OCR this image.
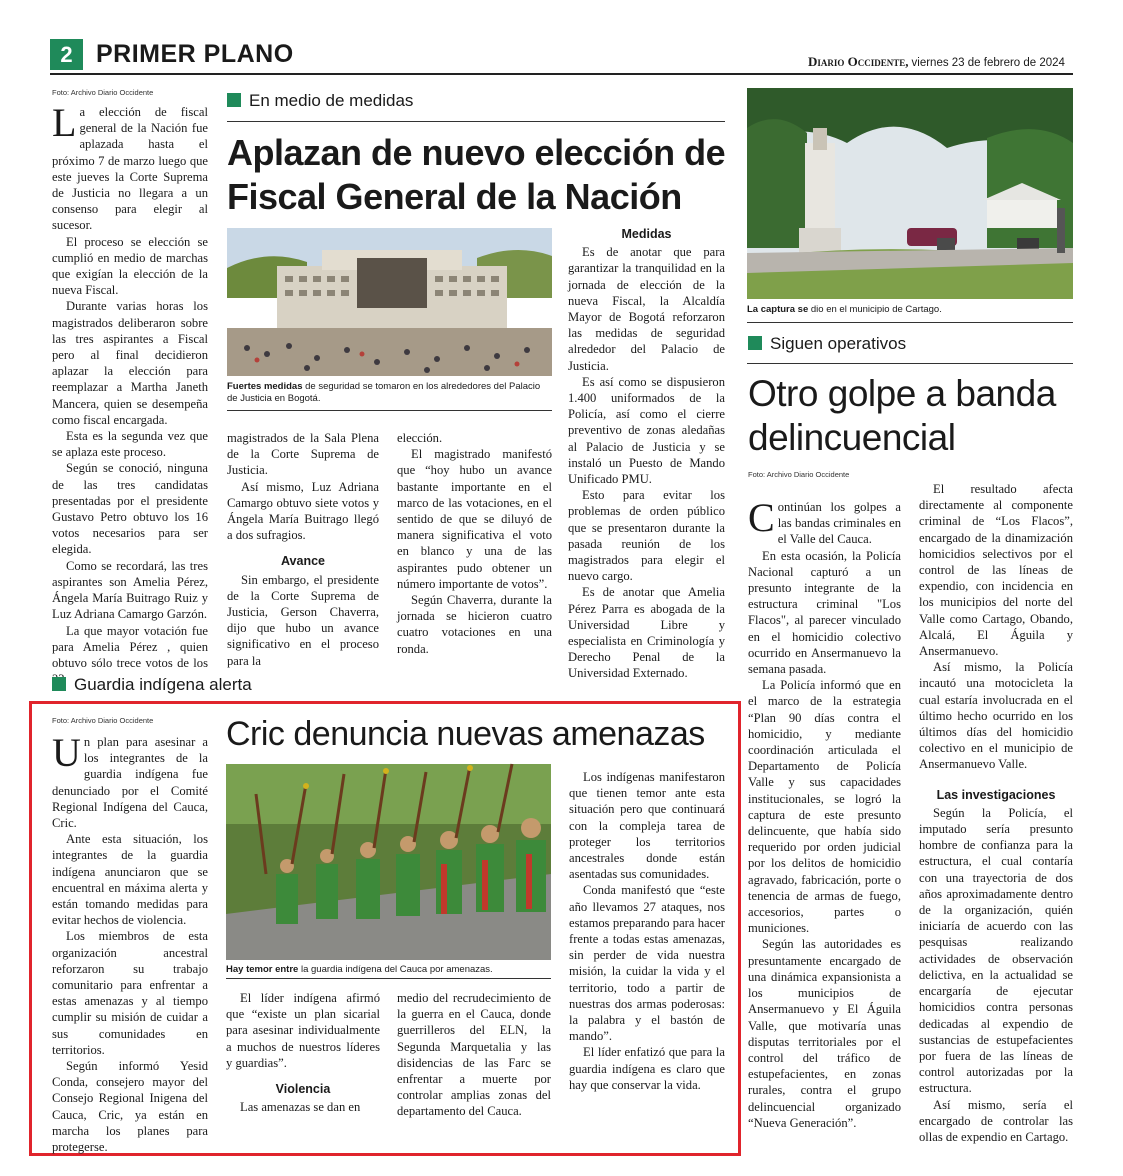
2 PRIMER PLANO	Diario Occidente, viernes 23 de febrero de 2024
Foto: Archivo Diario Occidente

La elección de fiscal general de la Nación fue aplazada hasta el próximo 7 de marzo luego que este jueves la Corte Suprema de Justicia no llegara a un consenso para elegir al sucesor.

El proceso se elección se cumplió en medio de marchas que exigían la elección de la nueva Fiscal.

Durante varias horas los magistrados deliberaron sobre las tres aspirantes a Fiscal pero al final decidieron aplazar la elección para reemplazar a Martha Janeth Mancera, quien se desempeña como fiscal encargada.

Esta es la segunda vez que se aplaza este proceso.

Según se conoció, ninguna de las tres candidatas presentadas por el presidente Gustavo Petro obtuvo los 16 votos necesarios para ser elegida.

Como se recordará, las tres aspirantes son Amelia Pérez, Ángela María Buitrago Ruiz y Luz Adriana Camargo Garzón.

La que mayor votación fue para Amelia Pérez , quien obtuvo sólo trece votos de los

En medio de medidas
Aplazan de nuevo elección de Fiscal General de la Nación
Fuertes medidas de seguridad se tomaron en los alrededores del Palacio de Justicia en Bogotá.

magistrados de la Sala Plena de la Corte Suprema de Justicia.

Así mismo, Luz Adriana Camargo obtuvo siete votos y Ángela María Buitrago llegó a dos sufragios.

Avance

Sin embargo, el presidente de la Corte Suprema de Justicia, Gerson Chaverra, dijo que hubo un avance significativo en el proceso para la

elección.

El magistrado manifestó que “hoy hubo un avance bastante importante en el marco de las votaciones, en el sentido de que se diluyó de manera significativa el voto en blanco y una de las aspirantes pudo obtener un número importante de votos”.

Según Chaverra, durante la jornada se hicieron cuatro cuatro votaciones en una ronda.

Medidas

Es de anotar que para garantizar la tranquilidad en la jornada de elección de la nueva Fiscal, la Alcaldía Mayor de Bogotá reforzaron las medidas de seguridad alrededor del Palacio de Justicia.

Es así como se dispusieron 1.400 uniformados de la Policía, así como el cierre preventivo de zonas aledañas al Palacio de Justicia y se instaló un Puesto de Mando Unificado PMU.

Esto para evitar los problemas de orden público que se presentaron durante la pasada reunión de los magistrados para elegir el nuevo cargo.

Es de anotar que Amelia Pérez Parra es abogada de la Universidad Libre y especialista en Criminología y Derecho Penal de la Universidad Externado.

La captura se dio en el municipio de Cartago.
Siguen operativos
Otro golpe a banda delincuencial
Foto: Archivo Diario Occidente

Continúan los golpes a las bandas criminales en el Valle del Cauca.

En esta ocasión, la Policía Nacional capturó a un presunto integrante de la estructura criminal "Los Flacos", al parecer vinculado en el homicidio colectivo ocurrido en Ansermanuevo la semana pasada.

La Policía informó que en el marco de la estrategia “Plan 90 días contra el homicidio, y mediante coordinación articulada el Departamento de Policía Valle y sus capacidades institucionales, se logró la captura de este presunto delincuente, que había sido requerido por orden judicial por los delitos de homicidio agravado, fabricación, porte o tenencia de armas de fuego, accesorios, partes o municiones.

Según las autoridades es presuntamente encargado de una dinámica expansionista a los municipios de Ansermanuevo y El Águila Valle, que motivaría unas disputas territoriales por el control del tráfico de estupefacientes, en zonas rurales, contra el grupo delincuencial organizado “Nueva Generación”.

El resultado afecta directamente al componente criminal de “Los Flacos”, encargado de la dinamización homicidios selectivos por el control de las líneas de expendio, con incidencia en los municipios del norte del Valle como Cartago, Obando, Alcalá, El Águila y Ansermanuevo.

Así mismo, la Policía incautó una motocicleta la cual estaría involucrada en el último hecho ocurrido en los últimos días del homicidio colectivo en el municipio de Ansermanuevo Valle.

Las investigaciones

Según la Policía, el imputado sería presunto hombre de confianza para la estructura, el cual contaría con una trayectoria de dos años aproximadamente dentro de la organización, quién iniciaría de acuerdo con las pesquisas realizando actividades de observación delictiva, en la actualidad se encargaría de ejecutar homicidios contra personas dedicadas al expendio de sustancias de estupefacientes por fuera de las líneas de control autorizadas por la estructura.

Así mismo, sería el encargado de controlar las ollas de expendio en Cartago.

Guardia indígena alerta
Foto: Archivo Diario Occidente Cric denuncia nuevas amenazas
Hay temor entre la guardia indígena del Cauca por amenazas.

Un plan para asesinar a los integrantes de la guardia indígena fue denunciado por el Comité Regional Indígena del Cauca, Cric.

Ante esta situación, los integrantes de la guardia indígena anunciaron que se encuentral en máxima alerta y están tomando medidas para evitar hechos de violencia.

Los miembros de esta organización ancestral reforzaron su trabajo comunitario para enfrentar a estas amenazas y al tiempo cumplir su misión de cuidar a sus comunidades en territorios.

Según informó Yesid Conda, consejero mayor del Consejo Regional Inigena del Cauca, Cric, ya están en marcha los planes para protegerse.

El líder indígena afirmó que “existe un plan sicarial para asesinar individualmente a muchos de nuestros líderes y guardias”.

Violencia

Las amenazas se dan en

medio del recrudecimiento de la guerra en el Cauca, donde guerrilleros del ELN, la Segunda Marquetalia y las disidencias de las Farc se enfrentar a muerte por controlar amplias zonas del departamento del Cauca.

Los indígenas manifestaron que tienen temor ante esta situación pero que continuará con la compleja tarea de proteger los territorios ancestrales donde están asentadas sus comunidades.

Conda manifestó que “este año llevamos 27 ataques, nos estamos preparando para hacer frente a todas estas amenazas, sin perder de vida nuestra misión, la cuidar la vida y el territorio, todo a partir de nuestras dos armas poderosas: la palabra y el bastón de mando”.

El líder enfatizó que para la guardia indígena es claro que hay que conservar la vida.
